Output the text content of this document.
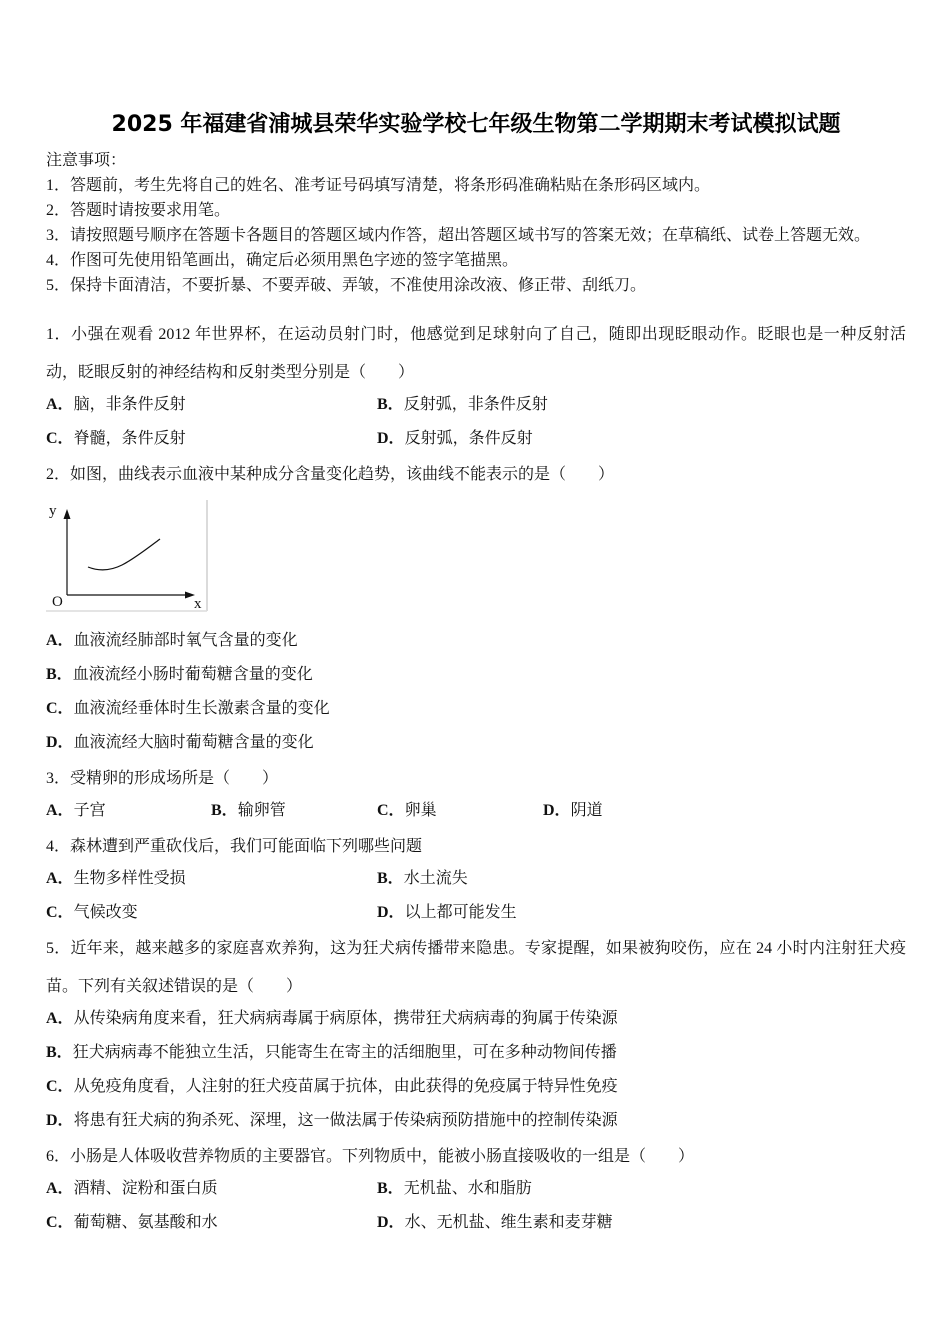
2025 年福建省浦城县荣华实验学校七年级生物第二学期期末考试模拟试题
注意事项：
1．答题前，考生先将自己的姓名、准考证号码填写清楚，将条形码准确粘贴在条形码区域内。
2．答题时请按要求用笔。
3．请按照题号顺序在答题卡各题目的答题区域内作答，超出答题区域书写的答案无效；在草稿纸、试卷上答题无效。
4．作图可先使用铅笔画出，确定后必须用黑色字迹的签字笔描黑。
5．保持卡面清洁，不要折暴、不要弄破、弄皱，不准使用涂改液、修正带、刮纸刀。

1．小强在观看 2012 年世界杯，在运动员射门时，他感觉到足球射向了自己，随即出现眨眼动作。眨眼也是一种反射活动，眨眼反射的神经结构和反射类型分别是（　　）

A．脑，非条件反射	B．反射弧，非条件反射
C．脊髓，条件反射	D．反射弧，条件反射

2．如图，曲线表示血液中某种成分含量变化趋势，该曲线不能表示的是（　　）

y
x
O
A．血液流经肺部时氧气含量的变化
B．血液流经小肠时葡萄糖含量的变化
C．血液流经垂体时生长激素含量的变化
D．血液流经大脑时葡萄糖含量的变化

3．受精卵的形成场所是（　　）

A．子宫	B．输卵管	C．卵巢	D．阴道

4．森林遭到严重砍伐后，我们可能面临下列哪些问题

A．生物多样性受损	B．水土流失
C．气候改变	D．以上都可能发生

5．近年来，越来越多的家庭喜欢养狗，这为狂犬病传播带来隐患。专家提醒，如果被狗咬伤，应在 24 小时内注射狂犬疫苗。下列有关叙述错误的是（　　）

A．从传染病角度来看，狂犬病病毒属于病原体，携带狂犬病病毒的狗属于传染源
B．狂犬病病毒不能独立生活，只能寄生在寄主的活细胞里，可在多种动物间传播
C．从免疫角度看，人注射的狂犬疫苗属于抗体，由此获得的免疫属于特异性免疫
D．将患有狂犬病的狗杀死、深埋，这一做法属于传染病预防措施中的控制传染源

6．小肠是人体吸收营养物质的主要器官。下列物质中，能被小肠直接吸收的一组是（　　）

A．酒精、淀粉和蛋白质	B．无机盐、水和脂肪
C．葡萄糖、氨基酸和水	D．水、无机盐、维生素和麦芽糖
